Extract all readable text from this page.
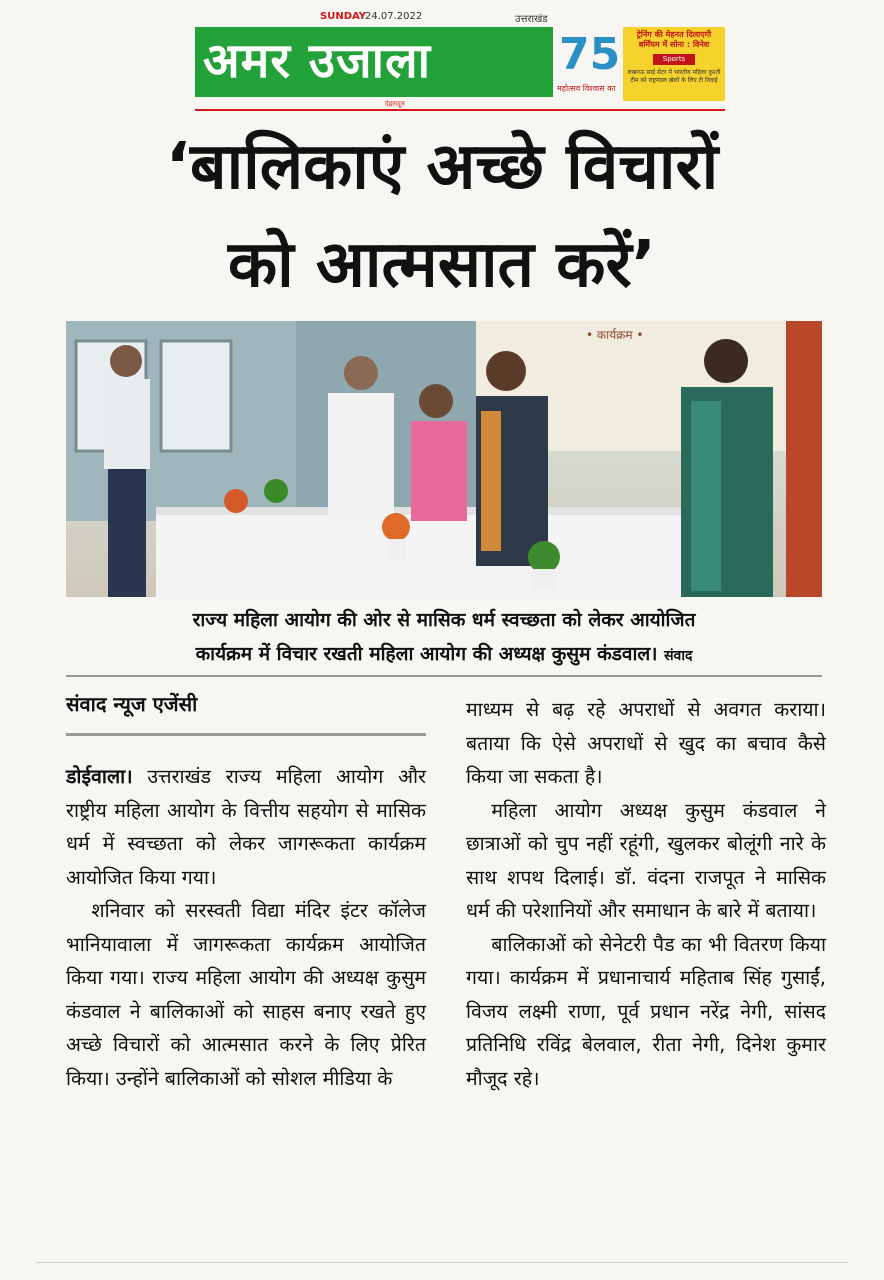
SUNDAY
24.07.2022	उत्तराखंड
अमर उजाला	75
महोत्सव विश्वास का
ट्रेनिंग की मेहनत दिलाएगी बर्मिंघम में सोना : विनेश
Sports
लखनऊ साई सेंटर में भारतीय महिला कुश्ती टीम को राष्ट्रमंडल खेलों के लिए टी विदाई
देहरादून
‘बालिकाएं अच्छे विचारों
को आत्मसात करें’
• कार्यक्रम •
राज्य महिला आयोग की ओर से मासिक धर्म स्वच्छता को लेकर आयोजित
कार्यक्रम में विचार रखती महिला आयोग की अध्यक्ष कुसुम कंडवाल। संवाद
संवाद न्यूज एजेंसी

डोईवाला। उत्तराखंड राज्य महिला आयोग और राष्ट्रीय महिला आयोग के वित्तीय सहयोग से मासिक धर्म में स्वच्छता को लेकर जागरूकता कार्यक्रम आयोजित किया गया।

शनिवार को सरस्वती विद्या मंदिर इंटर कॉलेज भानियावाला में जागरूकता कार्यक्रम आयोजित किया गया। राज्य महिला आयोग की अध्यक्ष कुसुम कंडवाल ने बालिकाओं को साहस बनाए रखते हुए अच्छे विचारों को आत्मसात करने के लिए प्रेरित किया। उन्होंने बालिकाओं को सोशल मीडिया के

माध्यम से बढ़ रहे अपराधों से अवगत कराया। बताया कि ऐसे अपराधों से खुद का बचाव कैसे किया जा सकता है।

महिला आयोग अध्यक्ष कुसुम कंडवाल ने छात्राओं को चुप नहीं रहूंगी, खुलकर बोलूंगी नारे के साथ शपथ दिलाई। डॉ. वंदना राजपूत ने मासिक धर्म की परेशानियों और समाधान के बारे में बताया।

बालिकाओं को सेनेटरी पैड का भी वितरण किया गया। कार्यक्रम में प्रधानाचार्य महिताब सिंह गुसाईं, विजय लक्ष्मी राणा, पूर्व प्रधान नरेंद्र नेगी, सांसद प्रतिनिधि रविंद्र बेलवाल, रीता नेगी, दिनेश कुमार मौजूद रहे।
